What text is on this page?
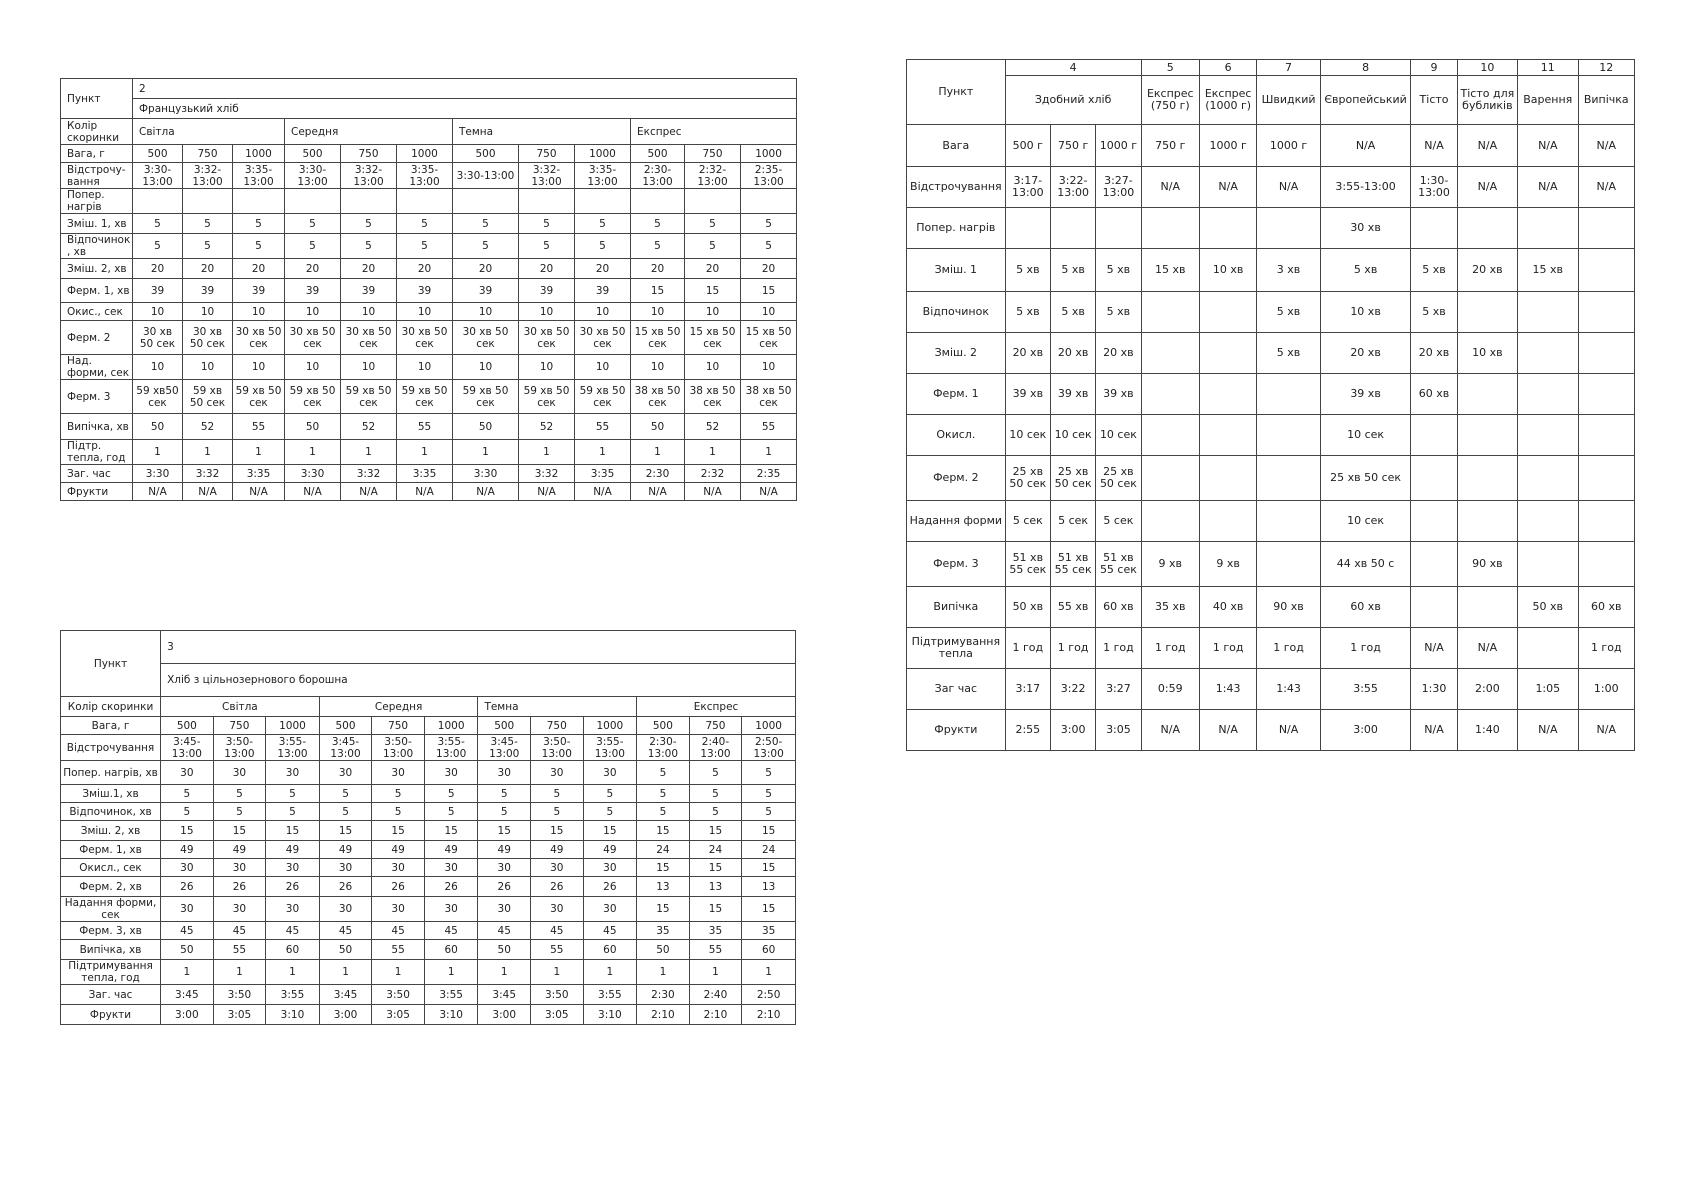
Пункт	2											
	Французький хліб											
Колір скоринки	Світла			Середня			Темна			Експрес		
Вага, г	500	750	1000	500	750	1000	500	750	1000	500	750	1000
Відстрочу-вання	3:30-13:00	3:32-13:00	3:35-13:00	3:30-13:00	3:32-13:00	3:35-13:00	3:30-13:00	3:32-13:00	3:35-13:00	2:30-13:00	2:32-13:00	2:35-13:00
Попер. нагрів												
Зміш. 1, хв	5	5	5	5	5	5	5	5	5	5	5	5
Відпочинок , хв	5	5	5	5	5	5	5	5	5	5	5	5
Зміш. 2, хв	20	20	20	20	20	20	20	20	20	20	20	20
Ферм. 1, хв	39	39	39	39	39	39	39	39	39	15	15	15
Окис., сек	10	10	10	10	10	10	10	10	10	10	10	10
Ферм. 2	30 хв 50 сек	30 хв 50 сек	30 хв 50 сек	30 хв 50 сек	30 хв 50 сек	30 хв 50 сек	30 хв 50 сек	30 хв 50 сек	30 хв 50 сек	15 хв 50 сек	15 хв 50 сек	15 хв 50 сек
Над. форми, сек	10	10	10	10	10	10	10	10	10	10	10	10
Ферм. 3	59 хв50 сек	59 хв 50 сек	59 хв 50 сек	59 хв 50 сек	59 хв 50 сек	59 хв 50 сек	59 хв 50 сек	59 хв 50 сек	59 хв 50 сек	38 хв 50 сек	38 хв 50 сек	38 хв 50 сек
Випічка, хв	50	52	55	50	52	55	50	52	55	50	52	55
Підтр. тепла, год	1	1	1	1	1	1	1	1	1	1	1	1
Заг. час	3:30	3:32	3:35	3:30	3:32	3:35	3:30	3:32	3:35	2:30	2:32	2:35
Фрукти	N/A	N/A	N/A	N/A	N/A	N/A	N/A	N/A	N/A	N/A	N/A	N/A
Пункт	3											
	Хліб з цільнозернового борошна											
Колір скоринки	Світла			Середня			Темна			Експрес		
Вага, г	500	750	1000	500	750	1000	500	750	1000	500	750	1000
Відстрочування	3:45-13:00	3:50-13:00	3:55-13:00	3:45-13:00	3:50-13:00	3:55-13:00	3:45-13:00	3:50-13:00	3:55-13:00	2:30-13:00	2:40-13:00	2:50-13:00
Попер. нагрів, хв	30	30	30	30	30	30	30	30	30	5	5	5
Зміш.1, хв	5	5	5	5	5	5	5	5	5	5	5	5
Відпочинок, хв	5	5	5	5	5	5	5	5	5	5	5	5
Зміш. 2, хв	15	15	15	15	15	15	15	15	15	15	15	15
Ферм. 1, хв	49	49	49	49	49	49	49	49	49	24	24	24
Окисл., сек	30	30	30	30	30	30	30	30	30	15	15	15
Ферм. 2, хв	26	26	26	26	26	26	26	26	26	13	13	13
Надання форми, сек	30	30	30	30	30	30	30	30	30	15	15	15
Ферм. 3, хв	45	45	45	45	45	45	45	45	45	35	35	35
Випічка, хв	50	55	60	50	55	60	50	55	60	50	55	60
Підтримування тепла, год	1	1	1	1	1	1	1	1	1	1	1	1
Заг. час	3:45	3:50	3:55	3:45	3:50	3:55	3:45	3:50	3:55	2:30	2:40	2:50
Фрукти	3:00	3:05	3:10	3:00	3:05	3:10	3:00	3:05	3:10	2:10	2:10	2:10
Пункт	4			5	6	7	8	9	10	11	12
	Здобний хліб			Експрес (750 г)	Експрес (1000 г)	Швидкий	Європейський	Тісто	Тісто для бубликів	Варення	Випічка
Вага	500 г	750 г	1000 г	750 г	1000 г	1000 г	N/A	N/A	N/A	N/A	N/A
Відстрочування	3:17-13:00	3:22-13:00	3:27-13:00	N/A	N/A	N/A	3:55-13:00	1:30-13:00	N/A	N/A	N/A
Попер. нагрів							30 хв				
Зміш. 1	5 хв	5 хв	5 хв	15 хв	10 хв	3 хв	5 хв	5 хв	20 хв	15 хв	
Відпочинок	5 хв	5 хв	5 хв			5 хв	10 хв	5 хв			
Зміш. 2	20 хв	20 хв	20 хв			5 хв	20 хв	20 хв	10 хв		
Ферм. 1	39 хв	39 хв	39 хв				39 хв	60 хв			
Окисл.	10 сек	10 сек	10 сек				10 сек				
Ферм. 2	25 хв 50 сек	25 хв 50 сек	25 хв 50 сек				25 хв 50 сек				
Надання форми	5 сек	5 сек	5 сек				10 сек				
Ферм. 3	51 хв 55 сек	51 хв 55 сек	51 хв 55 сек	9 хв	9 хв		44 хв 50 с		90 хв		
Випічка	50 хв	55 хв	60 хв	35 хв	40 хв	90 хв	60 хв			50 хв	60 хв
Підтримування тепла	1 год	1 год	1 год	1 год	1 год	1 год	1 год	N/A	N/A		1 год
Заг час	3:17	3:22	3:27	0:59	1:43	1:43	3:55	1:30	2:00	1:05	1:00
Фрукти	2:55	3:00	3:05	N/A	N/A	N/A	3:00	N/A	1:40	N/A	N/A
